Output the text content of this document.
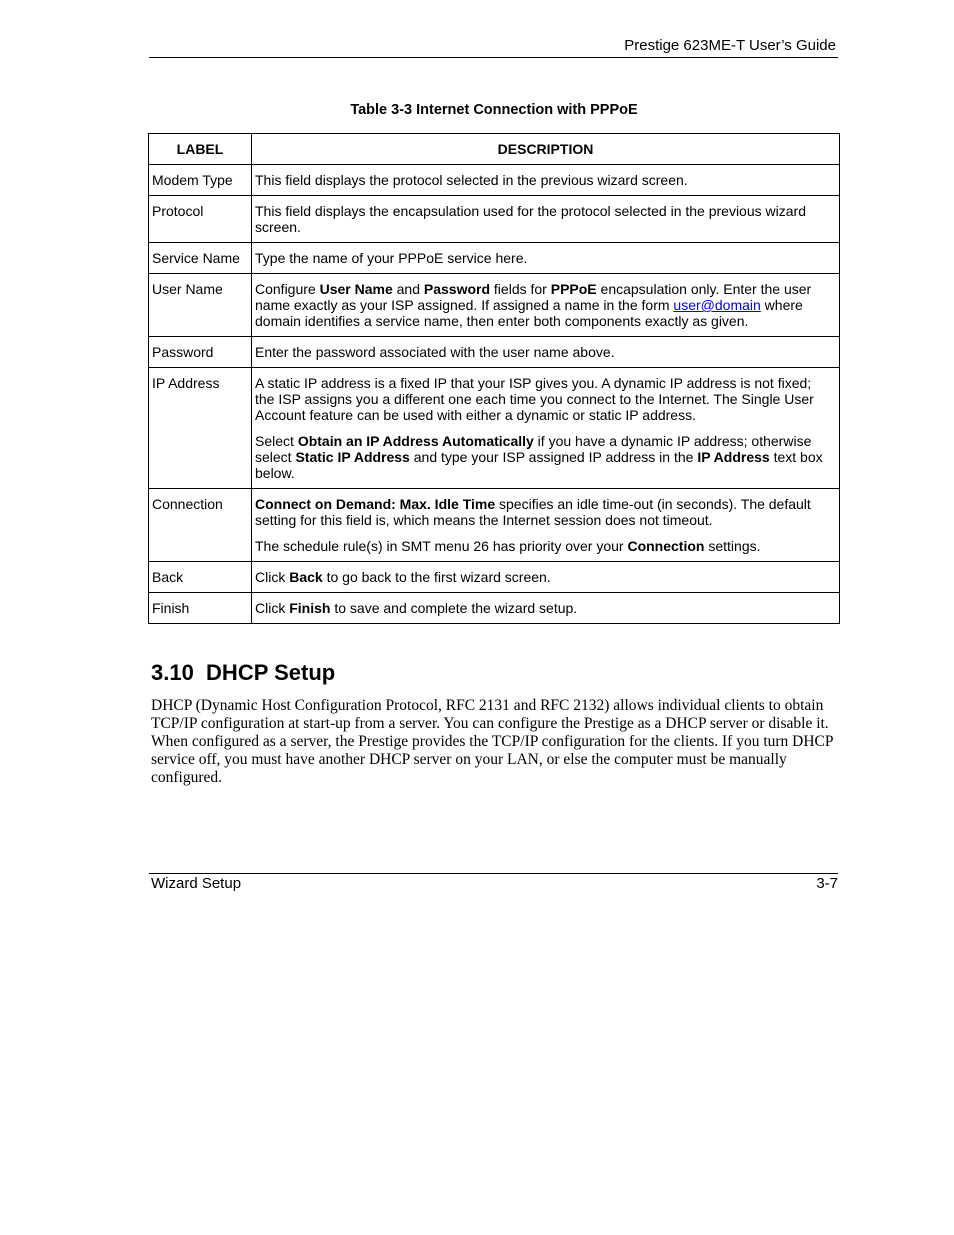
Prestige 623ME-T User’s Guide
Table 3-3 Internet Connection with PPPoE
LABEL	DESCRIPTION
Modem Type	This field displays the protocol selected in the previous wizard screen.

Protocol	This field displays the encapsulation used for the protocol selected in the previous wizard screen.

Service Name	Type the name of your PPPoE service here.

User Name	Configure User Name and Password fields for PPPoE encapsulation only. Enter the user name exactly as your ISP assigned. If assigned a name in the form user@domain where domain identifies a service name, then enter both components exactly as given.

Password	Enter the password associated with the user name above.

IP Address	A static IP address is a fixed IP that your ISP gives you. A dynamic IP address is not fixed; the ISP assigns you a different one each time you connect to the Internet. The Single User Account feature can be used with either a dynamic or static IP address.

Select Obtain an IP Address Automatically if you have a dynamic IP address; otherwise select Static IP Address and type your ISP assigned IP address in the IP Address text box below.

Connection	Connect on Demand: Max. Idle Time specifies an idle time-out (in seconds). The default setting for this field is, which means the Internet session does not timeout.

The schedule rule(s) in SMT menu 26 has priority over your Connection settings.

Back	Click Back to go back to the first wizard screen.

Finish	Click Finish to save and complete the wizard setup.

3.10  DHCP Setup
DHCP (Dynamic Host Configuration Protocol, RFC 2131 and RFC 2132) allows individual clients to obtain TCP/IP configuration at start-up from a server. You can configure the Prestige as a DHCP server or disable it. When configured as a server, the Prestige provides the TCP/IP configuration for the clients. If you turn DHCP service off, you must have another DHCP server on your LAN, or else the computer must be manually configured.
Wizard Setup	3-7
